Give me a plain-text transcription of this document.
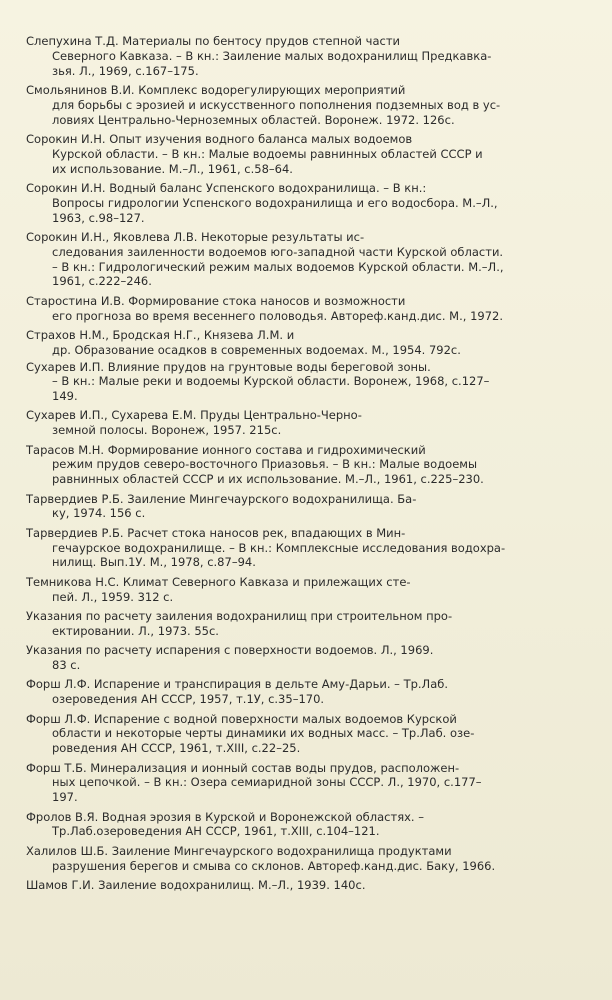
Слепухина Т.Д. Материалы по бентосу прудов степной части
Северного Кавказа. – В кн.: Заиление малых водохранилищ Предкавка-
зья. Л., 1969, с.167–175.
Смольянинов В.И. Комплекс водорегулирующих мероприятий
для борьбы с эрозией и искусственного пополнения подземных вод в ус-
ловиях Центрально-Черноземных областей. Воронеж. 1972. 126с.
Сорокин И.Н. Опыт изучения водного баланса малых водоемов
Курской области. – В кн.: Малые водоемы равнинных областей СССР и
их использование. М.–Л., 1961, с.58–64.
Сорокин И.Н. Водный баланс Успенского водохранилища. – В кн.:
Вопросы гидрологии Успенского водохранилища и его водосбора. М.–Л.,
1963, с.98–127.
Сорокин И.Н., Яковлева Л.В. Некоторые результаты ис-
следования заиленности водоемов юго-западной части Курской области.
– В кн.: Гидрологический режим малых водоемов Курской области. М.–Л.,
1961, с.222–246.
Старостина И.В. Формирование стока наносов и возможности
его прогноза во время весеннего половодья. Автореф.канд.дис. М., 1972.
Страхов Н.М., Бродская Н.Г., Князева Л.М. и
др. Образование осадков в современных водоемах. М., 1954. 792с.
Сухарев И.П. Влияние прудов на грунтовые воды береговой зоны.
– В кн.: Малые реки и водоемы Курской области. Воронеж, 1968, с.127–
149.
Сухарев И.П., Сухарева Е.М. Пруды Центрально-Черно-
земной полосы. Воронеж, 1957. 215с.
Тарасов М.Н. Формирование ионного состава и гидрохимический
режим прудов северо-восточного Приазовья. – В кн.: Малые водоемы
равнинных областей СССР и их использование. М.–Л., 1961, с.225–230.
Тарвердиев Р.Б. Заиление Мингечаурского водохранилища. Ба-
ку, 1974. 156 с.
Тарвердиев Р.Б. Расчет стока наносов рек, впадающих в Мин-
гечаурское водохранилище. – В кн.: Комплексные исследования водохра-
нилищ. Вып.1У. М., 1978, с.87–94.
Темникова Н.С. Климат Северного Кавказа и прилежащих сте-
пей. Л., 1959. 312 с.
Указания по расчету заиления водохранилищ при строительном про-
ектировании. Л., 1973. 55с.
Указания по расчету испарения с поверхности водоемов. Л., 1969.
83 с.
Форш Л.Ф. Испарение и транспирация в дельте Аму-Дарьи. – Тр.Лаб.
озероведения АН СССР, 1957, т.1У, с.35–170.
Форш Л.Ф. Испарение с водной поверхности малых водоемов Курской
области и некоторые черты динамики их водных масс. – Тр.Лаб. озе-
роведения АН СССР, 1961, т.XIII, с.22–25.
Форш Т.Б. Минерализация и ионный состав воды прудов, расположен-
ных цепочкой. – В кн.: Озера семиаридной зоны СССР. Л., 1970, с.177–
197.
Фролов В.Я. Водная эрозия в Курской и Воронежской областях. –
Тр.Лаб.озероведения АН СССР, 1961, т.XIII, с.104–121.
Халилов Ш.Б. Заиление Мингечаурского водохранилища продуктами
разрушения берегов и смыва со склонов. Автореф.канд.дис. Баку, 1966.
Шамов Г.И. Заиление водохранилищ. М.–Л., 1939. 140с.
